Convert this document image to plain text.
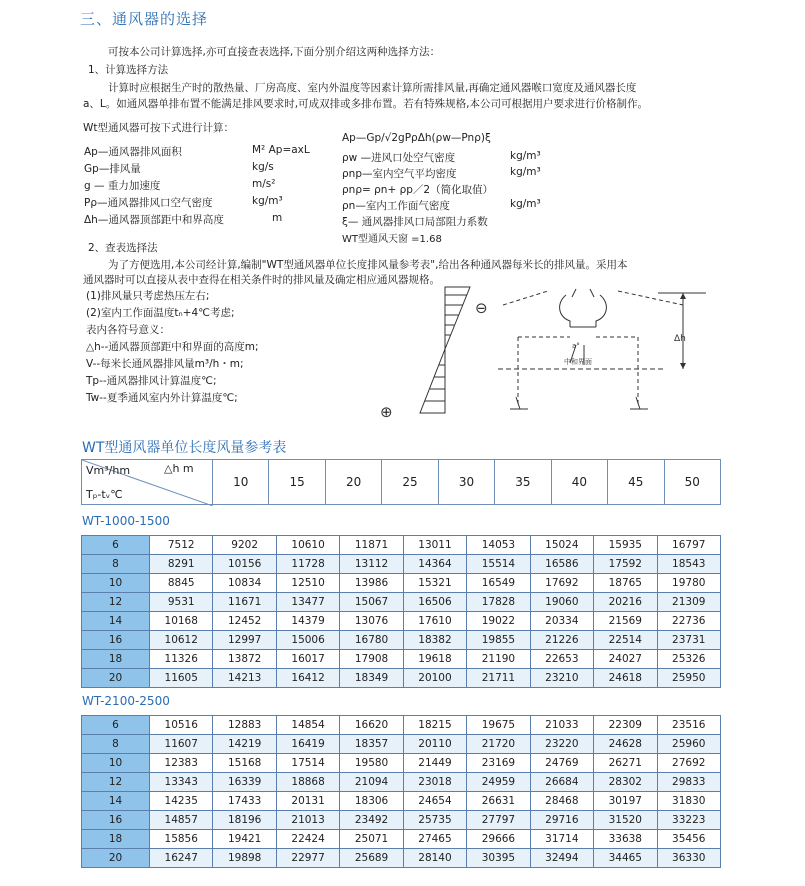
三、通风器的选择
可按本公司计算选择,亦可直接查表选择,下面分别介绍这两种选择方法：
1、计算选择方法
计算时应根据生产时的散热量、厂房高度、室内外温度等因素计算所需排风量,再确定通风器喉口宽度及通风器长度
a、L。如通风器单排布置不能满足排风要求时,可成双排或多排布置。若有特殊规格,本公司可根据用户要求进行价格制作。
Wt型通风器可按下式进行计算：
Ap—通风器排风面积	M² Ap=axL
Gp—排风量	kg/s
g — 重力加速度	m/s²
Pρ—通风器排风口空气密度	kg/m³
Δh—通风器顶部距中和界高度	m
Ap—Gp/√2gPρΔh(ρw—Pnρ)ξ
ρw —进风口处空气密度	kg/m³
ρnp—室内空气平均密度	kg/m³
ρnρ= ρn+ ρp／2（简化取值）
ρn—室内工作面气密度	kg/m³
ξ— 通风器排风口局部阻力系数
WT型通风天窗 =1.68
2、查表选择法
为了方便选用,本公司经计算,编制"WT型通风器单位长度排风量参考表",给出各种通风器每米长的排风量。采用本
通风器时可以直接从表中查得在相关条件时的排风量及确定相应通风器规格。
(1)排风量只考虑热压左右;
(2)室内工作面温度tₙ+4℃考虑;
表内各符号意义：
△h--通风器顶部距中和界面的高度m;
V--每米长通风器排风量m³/h・m;
Tp--通风器排风计算温度℃;
Tw--夏季通风室内外计算温度℃;
⊖
⊕
a°
中和界面
Δh
WT型通风器单位长度风量参考表
Vm³/hm	△h m
Tₚ-tᵥ℃
	10	15	20	25	30	35	40	45	50
WT-1000-1500
6	7512	9202	10610	11871	13011	14053	15024	15935	16797
8	8291	10156	11728	13112	14364	15514	16586	17592	18543
10	8845	10834	12510	13986	15321	16549	17692	18765	19780
12	9531	11671	13477	15067	16506	17828	19060	20216	21309
14	10168	12452	14379	13076	17610	19022	20334	21569	22736
16	10612	12997	15006	16780	18382	19855	21226	22514	23731
18	11326	13872	16017	17908	19618	21190	22653	24027	25326
20	11605	14213	16412	18349	20100	21711	23210	24618	25950
WT-2100-2500
6	10516	12883	14854	16620	18215	19675	21033	22309	23516
8	11607	14219	16419	18357	20110	21720	23220	24628	25960
10	12383	15168	17514	19580	21449	23169	24769	26271	27692
12	13343	16339	18868	21094	23018	24959	26684	28302	29833
14	14235	17433	20131	18306	24654	26631	28468	30197	31830
16	14857	18196	21013	23492	25735	27797	29716	31520	33223
18	15856	19421	22424	25071	27465	29666	31714	33638	35456
20	16247	19898	22977	25689	28140	30395	32494	34465	36330
